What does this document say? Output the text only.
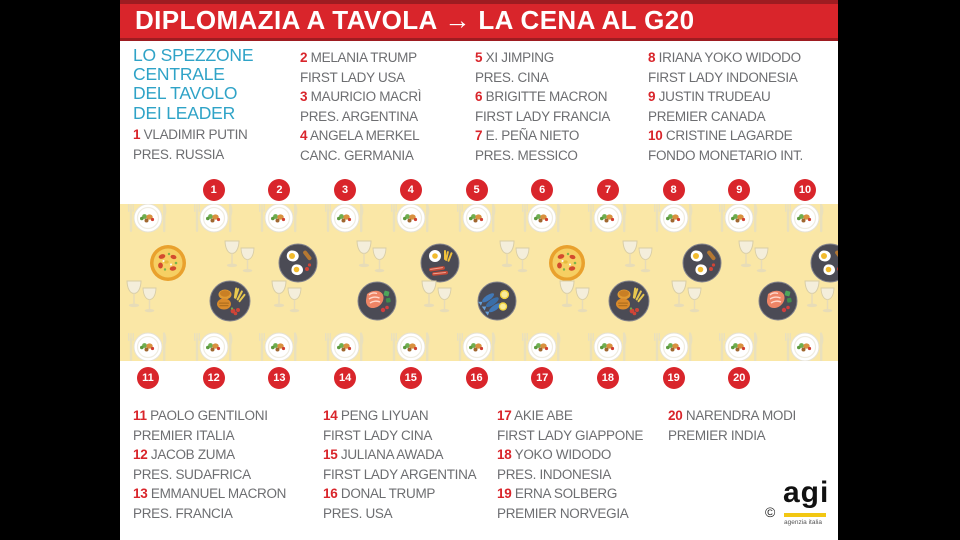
DIPLOMAZIA A TAVOLA → LA CENA AL G20
LO SPEZZONE
CENTRALE
DEL TAVOLO
DEI LEADER
1 VLADIMIR PUTIN
PRES. RUSSIA
2 MELANIA TRUMP
FIRST LADY USA
3 MAURICIO MACRÌ
PRES. ARGENTINA
4 ANGELA MERKEL
CANC. GERMANIA
5 XI JIMPING
PRES. CINA
6 BRIGITTE MACRON
FIRST LADY FRANCIA
7 E. PEÑA NIETO
PRES. MESSICO
8 IRIANA YOKO WIDODO
FIRST LADY INDONESIA
9 JUSTIN TRUDEAU
PREMIER CANADA
10 CRISTINE LAGARDE
FONDO MONETARIO INT.
1	2	3	4	5	6	7	8	9	10
11	12	13	14	15	16	17	18	19	20
11 PAOLO GENTILONI
PREMIER ITALIA
12 JACOB ZUMA
PRES. SUDAFRICA
13 EMMANUEL MACRON
PRES. FRANCIA
14 PENG LIYUAN
FIRST LADY CINA
15 JULIANA AWADA
FIRST LADY ARGENTINA
16 DONAL TRUMP
PRES. USA
17 AKIE ABE
FIRST LADY GIAPPONE
18 YOKO WIDODO
PRES. INDONESIA
19 ERNA SOLBERG
PREMIER NORVEGIA
20 NARENDRA MODI
PREMIER INDIA
©
agi
agenzia italia
